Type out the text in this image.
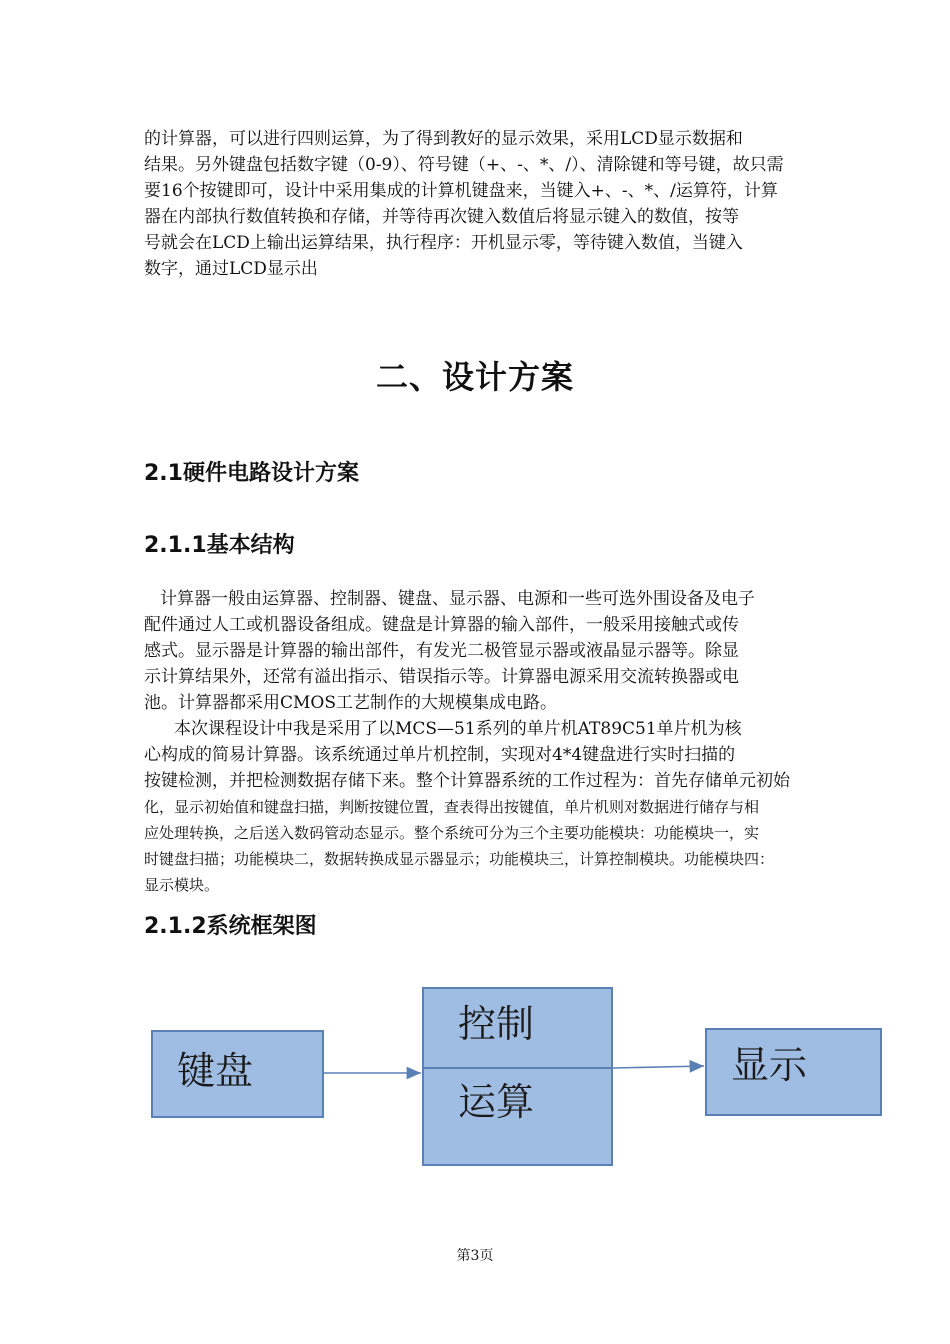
的计算器，可以进行四则运算，为了得到教好的显示效果，采用LCD显示数据和
结果。另外键盘包括数字键（0-9）、符号键（+、-、*、/）、清除键和等号键，故只需
要16个按键即可，设计中采用集成的计算机键盘来，当键入+、-、*、/运算符，计算
器在内部执行数值转换和存储，并等待再次键入数值后将显示键入的数值，按等
号就会在LCD上输出运算结果，执行程序：开机显示零，等待键入数值，当键入
数字，通过LCD显示出
二、设计方案
2.1硬件电路设计方案
2.1.1基本结构
计算器一般由运算器、控制器、键盘、显示器、电源和一些可选外围设备及电子
配件通过人工或机器设备组成。键盘是计算器的输入部件，一般采用接触式或传
感式。显示器是计算器的输出部件，有发光二极管显示器或液晶显示器等。除显
示计算结果外，还常有溢出指示、错误指示等。计算器电源采用交流转换器或电
池。计算器都采用CMOS工艺制作的大规模集成电路。
本次课程设计中我是采用了以MCS—51系列的单片机AT89C51单片机为核
心构成的简易计算器。该系统通过单片机控制，实现对4*4键盘进行实时扫描的
按键检测，并把检测数据存储下来。整个计算器系统的工作过程为：首先存储单元初始
化，显示初始值和键盘扫描，判断按键位置，查表得出按键值，单片机则对数据进行储存与相
应处理转换，之后送入数码管动态显示。整个系统可分为三个主要功能模块：功能模块一，实
时键盘扫描；功能模块二，数据转换成显示器显示；功能模块三，计算控制模块。功能模块四：
显示模块。
2.1.2系统框架图
键盘
控制
运算
显示
第3页
